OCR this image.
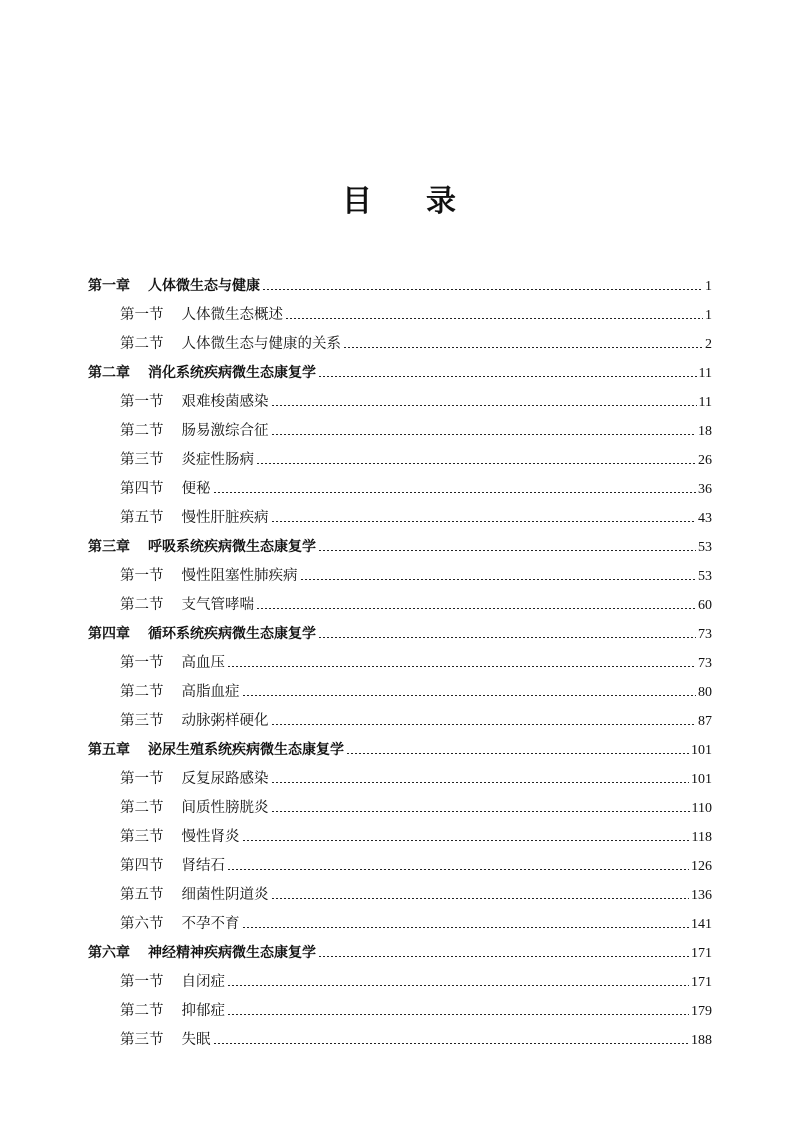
目 录
第一章 人体微生态与健康	1
第一节 人体微生态概述	1
第二节 人体微生态与健康的关系	2
第二章 消化系统疾病微生态康复学	11
第一节 艰难梭菌感染	11
第二节 肠易激综合征	18
第三节 炎症性肠病	26
第四节 便秘	36
第五节 慢性肝脏疾病	43
第三章 呼吸系统疾病微生态康复学	53
第一节 慢性阻塞性肺疾病	53
第二节 支气管哮喘	60
第四章 循环系统疾病微生态康复学	73
第一节 高血压	73
第二节 高脂血症	80
第三节 动脉粥样硬化	87
第五章 泌尿生殖系统疾病微生态康复学	101
第一节 反复尿路感染	101
第二节 间质性膀胱炎	110
第三节 慢性肾炎	118
第四节 肾结石	126
第五节 细菌性阴道炎	136
第六节 不孕不育	141
第六章 神经精神疾病微生态康复学	171
第一节 自闭症	171
第二节 抑郁症	179
第三节 失眠	188
